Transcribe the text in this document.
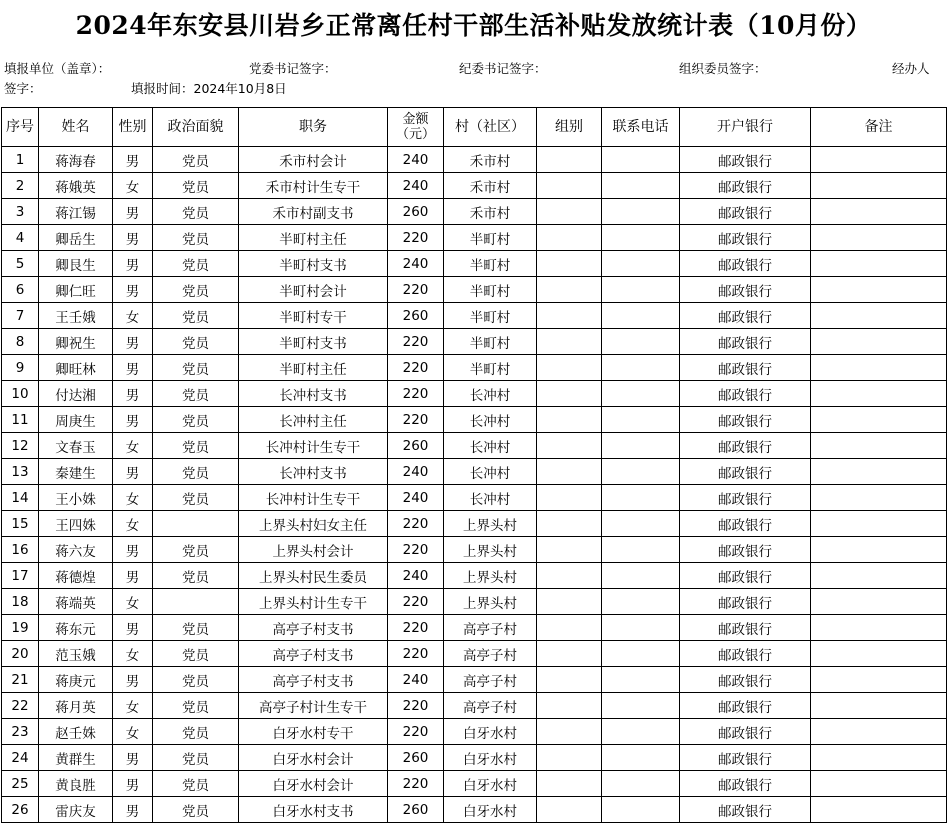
2024年东安县川岩乡正常离任村干部生活补贴发放统计表（10月份）
填报单位（盖章）：	党委书记签字：	纪委书记签字：	组织委员签字：	经办人
签字：	填报时间：2024年10月8日
序号	姓名	性别	政治面貌	职务	金额（元）	村（社区）	组别	联系电话	开户银行	备注
1	蒋海春	男	党员	禾市村会计	240	禾市村			邮政银行	
2	蒋娥英	女	党员	禾市村计生专干	240	禾市村			邮政银行	
3	蒋江锡	男	党员	禾市村副支书	260	禾市村			邮政银行	
4	卿岳生	男	党员	半町村主任	220	半町村			邮政银行	
5	卿艮生	男	党员	半町村支书	240	半町村			邮政银行	
6	卿仁旺	男	党员	半町村会计	220	半町村			邮政银行	
7	王壬娥	女	党员	半町村专干	260	半町村			邮政银行	
8	卿祝生	男	党员	半町村支书	220	半町村			邮政银行	
9	卿旺林	男	党员	半町村主任	220	半町村			邮政银行	
10	付达湘	男	党员	长冲村支书	220	长冲村			邮政银行	
11	周庚生	男	党员	长冲村主任	220	长冲村			邮政银行	
12	文春玉	女	党员	长冲村计生专干	260	长冲村			邮政银行	
13	秦建生	男	党员	长冲村支书	240	长冲村			邮政银行	
14	王小姝	女	党员	长冲村计生专干	240	长冲村			邮政银行	
15	王四姝	女		上界头村妇女主任	220	上界头村			邮政银行	
16	蒋六友	男	党员	上界头村会计	220	上界头村			邮政银行	
17	蒋德煌	男	党员	上界头村民生委员	240	上界头村			邮政银行	
18	蒋端英	女		上界头村计生专干	220	上界头村			邮政银行	
19	蒋东元	男	党员	高亭子村支书	220	高亭子村			邮政银行	
20	范玉娥	女	党员	高亭子村支书	220	高亭子村			邮政银行	
21	蒋庚元	男	党员	高亭子村支书	240	高亭子村			邮政银行	
22	蒋月英	女	党员	高亭子村计生专干	220	高亭子村			邮政银行	
23	赵壬姝	女	党员	白牙水村专干	220	白牙水村			邮政银行	
24	黄群生	男	党员	白牙水村会计	260	白牙水村			邮政银行	
25	黄良胜	男	党员	白牙水村会计	220	白牙水村			邮政银行	
26	雷庆友	男	党员	白牙水村支书	260	白牙水村			邮政银行	
